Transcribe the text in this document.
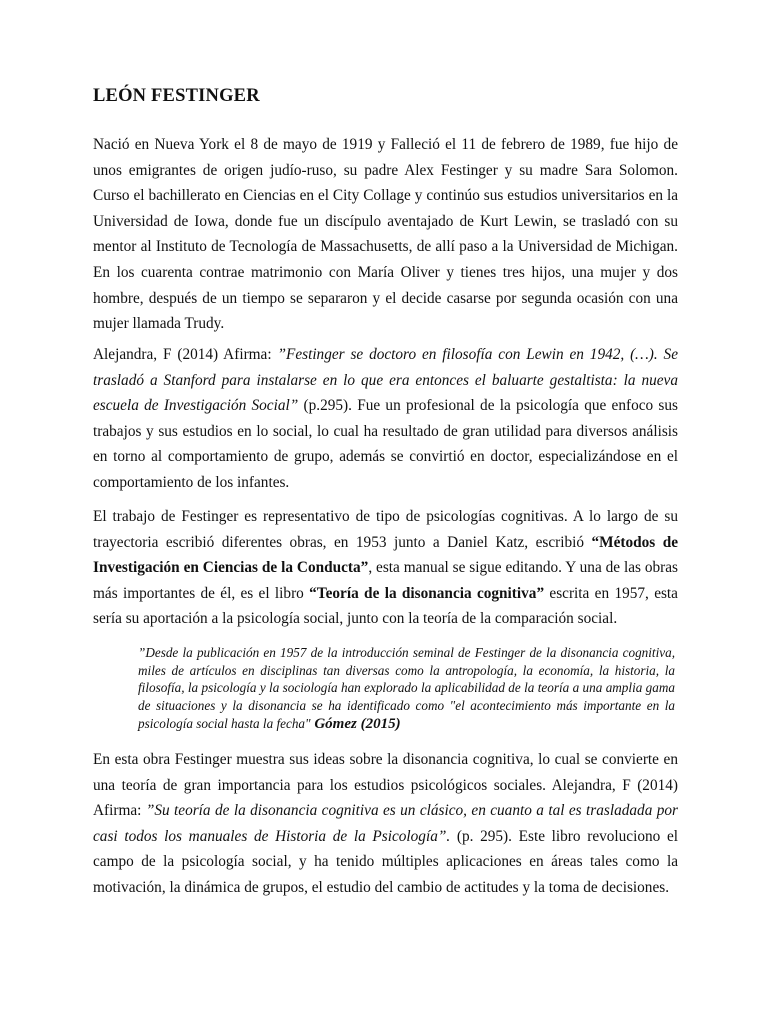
LEÓN FESTINGER

Nació en Nueva York el 8 de mayo de 1919 y Falleció el 11 de febrero de 1989, fue hijo de unos emigrantes de origen judío-ruso, su padre Alex Festinger y su madre Sara Solomon. Curso el bachillerato en Ciencias en el City Collage y continúo sus estudios universitarios en la Universidad de Iowa, donde fue un discípulo aventajado de Kurt Lewin, se trasladó con su mentor al Instituto de Tecnología de Massachusetts, de allí paso a la Universidad de Michigan. En los cuarenta contrae matrimonio con María Oliver y tienes tres hijos, una mujer y dos hombre, después de un tiempo se separaron y el decide casarse por segunda ocasión con una mujer llamada Trudy.

Alejandra, F (2014) Afirma: ”Festinger se doctoro en filosofía con Lewin en 1942, (…). Se trasladó a Stanford para instalarse en lo que era entonces el baluarte gestaltista: la nueva escuela de Investigación Social” (p.295). Fue un profesional de la psicología que enfoco sus trabajos y sus estudios en lo social, lo cual ha resultado de gran utilidad para diversos análisis en torno al comportamiento de grupo, además se convirtió en doctor, especializándose en el comportamiento de los infantes.

El trabajo de Festinger es representativo de tipo de psicologías cognitivas. A lo largo de su trayectoria escribió diferentes obras, en 1953 junto a Daniel Katz, escribió “Métodos de Investigación en Ciencias de la Conducta”, esta manual se sigue editando. Y una de las obras más importantes de él, es el libro “Teoría de la disonancia cognitiva” escrita en 1957, esta sería su aportación a la psicología social, junto con la teoría de la comparación social.

”Desde la publicación en 1957 de la introducción seminal de Festinger de la disonancia cognitiva, miles de artículos en disciplinas tan diversas como la antropología, la economía, la historia, la filosofía, la psicología y la sociología han explorado la aplicabilidad de la teoría a una amplia gama de situaciones y la disonancia se ha identificado como "el acontecimiento más importante en la psicología social hasta la fecha" Gómez (2015)

En esta obra Festinger muestra sus ideas sobre la disonancia cognitiva, lo cual se convierte en una teoría de gran importancia para los estudios psicológicos sociales. Alejandra, F (2014) Afirma: ”Su teoría de la disonancia cognitiva es un clásico, en cuanto a tal es trasladada por casi todos los manuales de Historia de la Psicología”. (p. 295). Este libro revoluciono el campo de la psicología social, y ha tenido múltiples aplicaciones en áreas tales como la motivación, la dinámica de grupos, el estudio del cambio de actitudes y la toma de decisiones.
